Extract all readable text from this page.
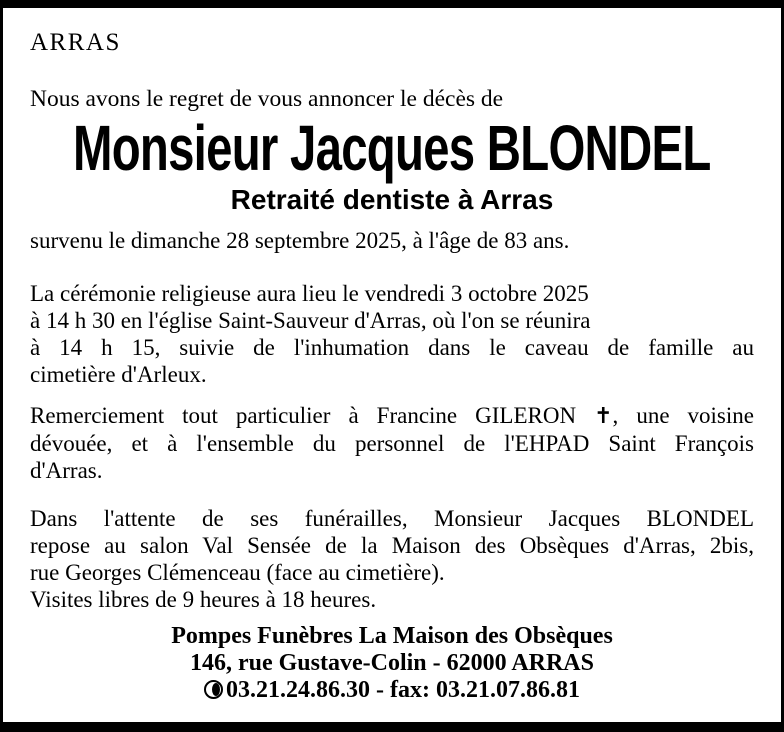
ARRAS
Nous avons le regret de vous annoncer le décès de
Monsieur Jacques BLONDEL
Retraité dentiste à Arras
survenu le dimanche 28 septembre 2025, à l'âge de 83 ans.
La cérémonie religieuse aura lieu le vendredi 3 octobre 2025
à 14 h 30 en l'église Saint-Sauveur d'Arras, où l'on se réunira
à 14 h 15, suivie de l'inhumation dans le caveau de famille au
cimetière d'Arleux.
Remerciement tout particulier à Francine GILERON ✝, une voisine
dévouée, et à l'ensemble du personnel de l'EHPAD Saint François
d'Arras.
Dans l'attente de ses funérailles, Monsieur Jacques BLONDEL
repose au salon Val Sensée de la Maison des Obsèques d'Arras, 2bis,
rue Georges Clémenceau (face au cimetière).
Visites libres de 9 heures à 18 heures.
Pompes Funèbres La Maison des Obsèques
146, rue Gustave-Colin - 62000 ARRAS
03.21.24.86.30 - fax: 03.21.07.86.81
